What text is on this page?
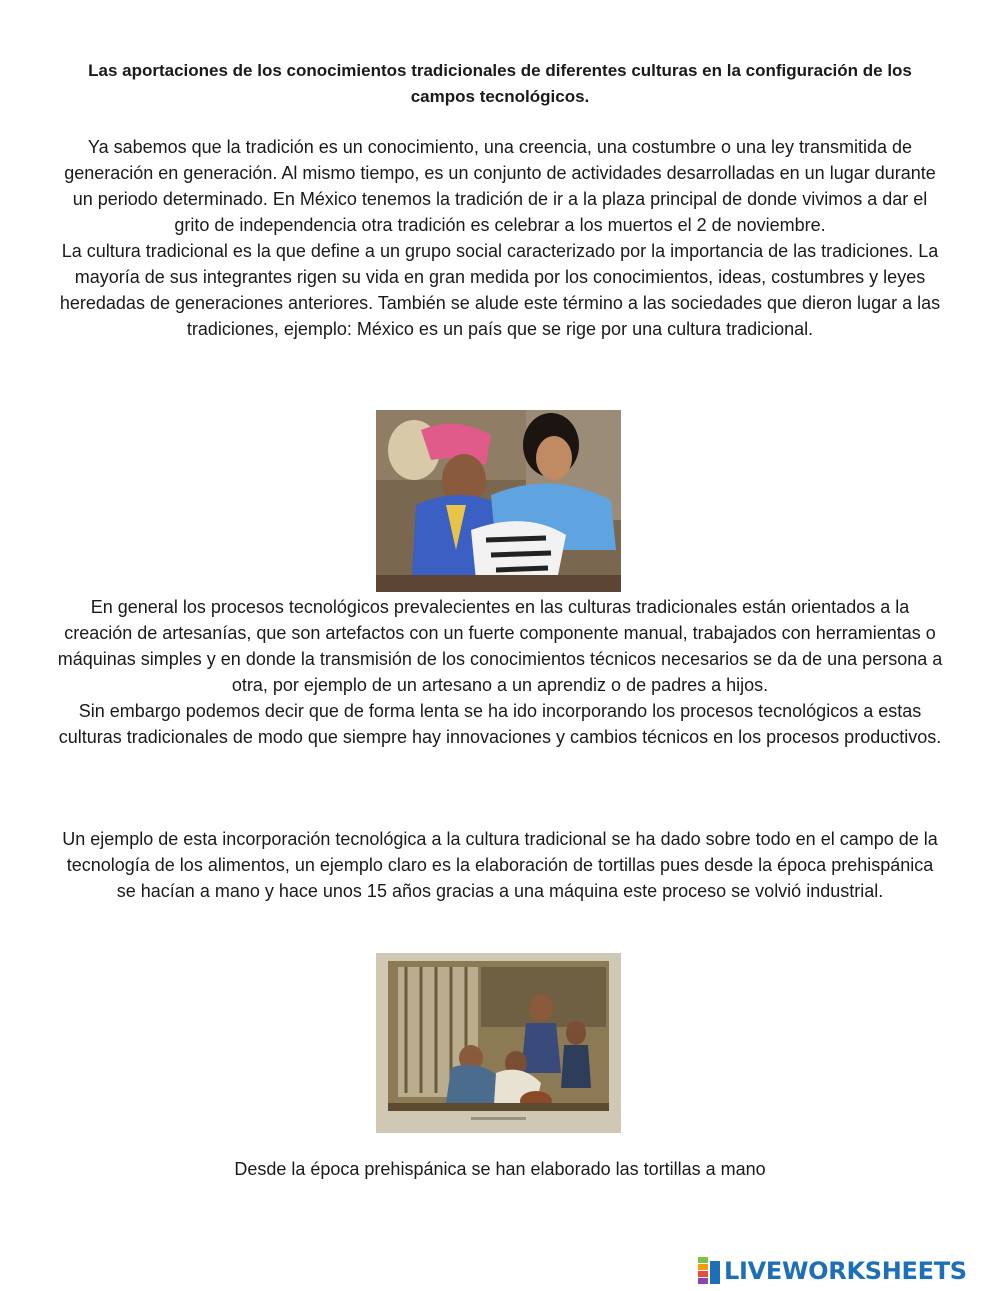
Las aportaciones de los conocimientos tradicionales de diferentes culturas en la configuración de los campos tecnológicos.
Ya sabemos que la tradición es un conocimiento, una creencia, una costumbre o una ley transmitida de generación en generación. Al mismo tiempo, es un conjunto de actividades desarrolladas en un lugar durante un periodo determinado. En México tenemos la tradición de ir a la plaza principal de donde vivimos a dar el grito de independencia otra tradición es celebrar a los muertos el 2 de noviembre.
La cultura tradicional es la que define a un grupo social caracterizado por la importancia de las tradiciones. La mayoría de sus integrantes rigen su vida en gran medida por los conocimientos, ideas, costumbres y leyes heredadas de generaciones anteriores. También se alude este término a las sociedades que dieron lugar a las tradiciones, ejemplo: México es un país que se rige por una cultura tradicional.
En general los procesos tecnológicos prevalecientes en las culturas tradicionales están orientados a la creación de artesanías, que son artefactos con un fuerte componente manual, trabajados con herramientas o máquinas simples y en donde la transmisión de los conocimientos técnicos necesarios se da de una persona a otra, por ejemplo de un artesano a un aprendiz o de padres a hijos.
Sin embargo podemos decir que de forma lenta se ha ido incorporando los procesos tecnológicos a estas culturas tradicionales de modo que siempre hay innovaciones y cambios técnicos en los procesos productivos.
Un ejemplo de esta incorporación tecnológica a la cultura tradicional se ha dado sobre todo en el campo de la tecnología de los alimentos, un ejemplo claro es la elaboración de tortillas pues desde la época prehispánica se hacían a mano y hace unos 15 años gracias a una máquina este proceso se volvió industrial.
Desde la época prehispánica se han elaborado las tortillas a mano
LIVEWORKSHEETS
